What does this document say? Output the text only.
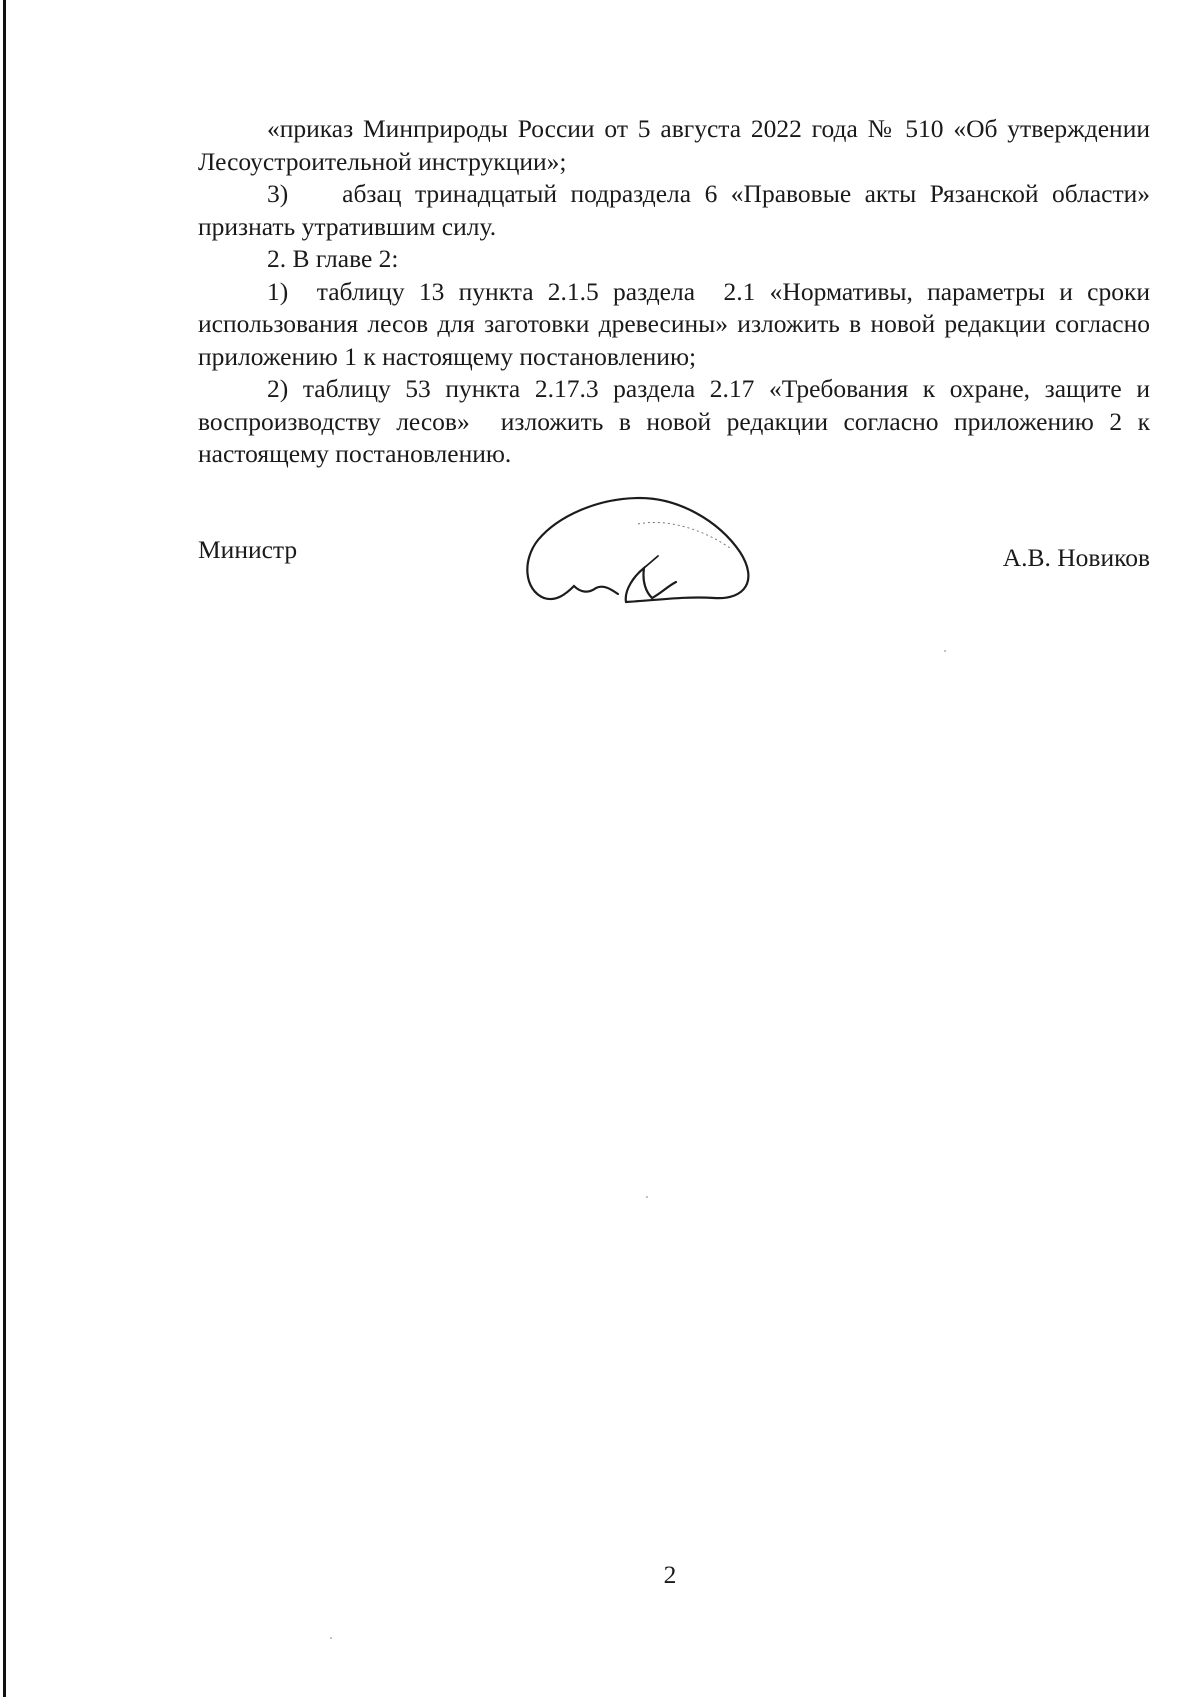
«приказ Минприроды России от 5 августа 2022 года № 510 «Об утверждении Лесоустроительной инструкции»;

3)    абзац тринадцатый подраздела 6 «Правовые акты Рязанской области» признать утратившим силу.

2. В главе 2:

1)  таблицу 13 пункта 2.1.5 раздела  2.1 «Нормативы, параметры и сроки использования лесов для заготовки древесины» изложить в новой редакции согласно приложению 1 к настоящему постановлению;

2) таблицу 53 пункта 2.17.3 раздела 2.17 «Требования к охране, защите и воспроизводству лесов»  изложить в новой редакции согласно приложению 2 к настоящему постановлению.

Министр	А.В. Новиков
2
